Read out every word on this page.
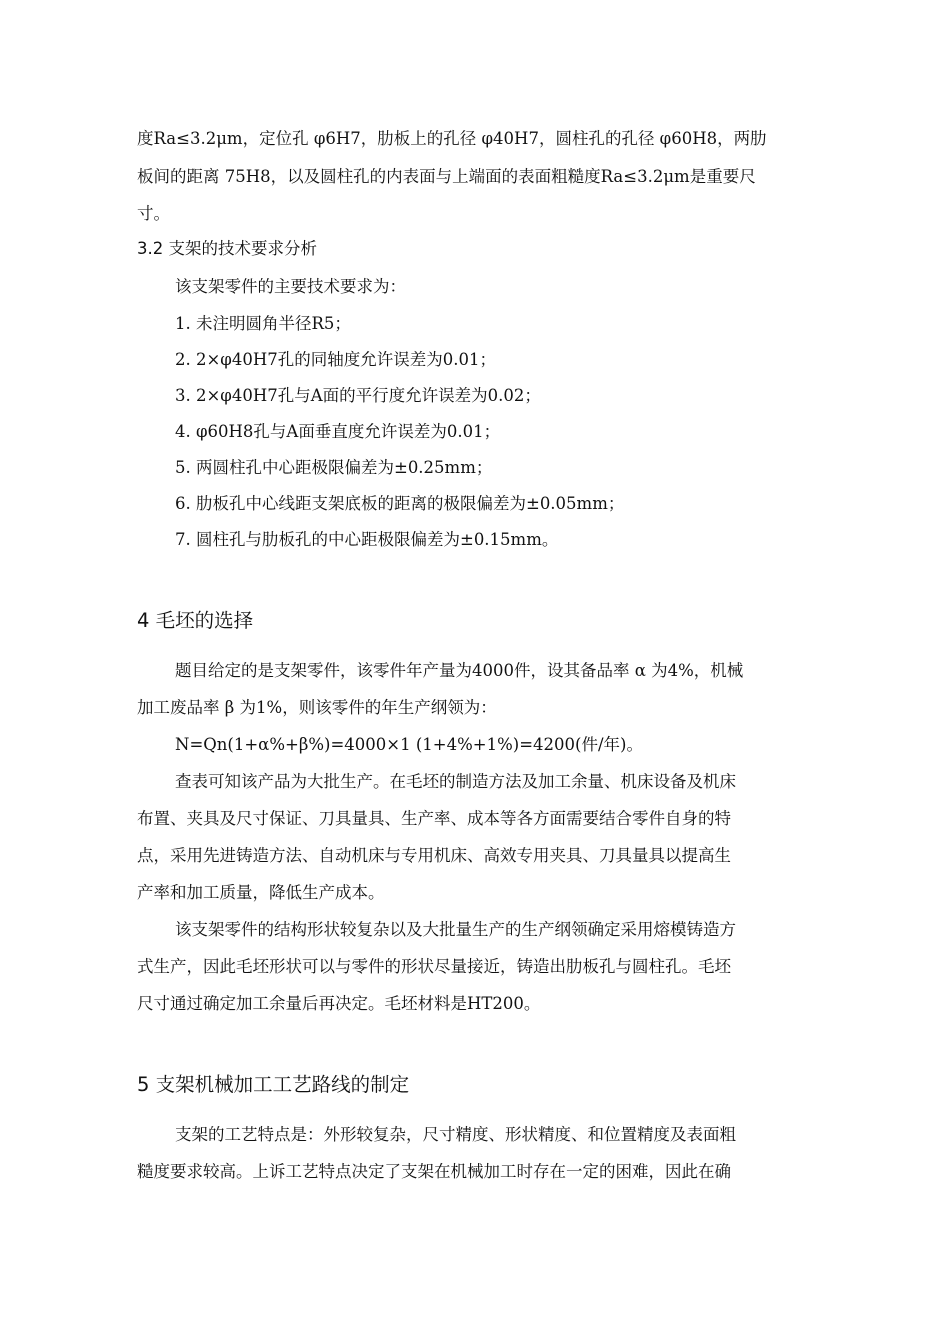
度Ra≤3.2μm，定位孔 φ6H7，肋板上的孔径 φ40H7，圆柱孔的孔径 φ60H8，两肋
板间的距离 75H8，以及圆柱孔的内表面与上端面的表面粗糙度Ra≤3.2μm是重要尺
寸。
3.2 支架的技术要求分析
该支架零件的主要技术要求为：
1. 未注明圆角半径R5；
2. 2×φ40H7孔的同轴度允许误差为0.01；
3. 2×φ40H7孔与A面的平行度允许误差为0.02；
4. φ60H8孔与A面垂直度允许误差为0.01；
5. 两圆柱孔中心距极限偏差为±0.25mm；
6. 肋板孔中心线距支架底板的距离的极限偏差为±0.05mm；
7. 圆柱孔与肋板孔的中心距极限偏差为±0.15mm。
4 毛坯的选择
题目给定的是支架零件，该零件年产量为4000件，设其备品率 α 为4%，机械
加工废品率 β 为1%，则该零件的年生产纲领为：
N=Qn(1+α%+β%)=4000×1 (1+4%+1%)=4200(件/年)。
查表可知该产品为大批生产。在毛坯的制造方法及加工余量、机床设备及机床
布置、夹具及尺寸保证、刀具量具、生产率、成本等各方面需要结合零件自身的特
点，采用先进铸造方法、自动机床与专用机床、高效专用夹具、刀具量具以提高生
产率和加工质量，降低生产成本。
该支架零件的结构形状较复杂以及大批量生产的生产纲领确定采用熔模铸造方
式生产，因此毛坯形状可以与零件的形状尽量接近，铸造出肋板孔与圆柱孔。毛坯
尺寸通过确定加工余量后再决定。毛坯材料是HT200。
5 支架机械加工工艺路线的制定
支架的工艺特点是：外形较复杂，尺寸精度、形状精度、和位置精度及表面粗
糙度要求较高。上诉工艺特点决定了支架在机械加工时存在一定的困难，因此在确
